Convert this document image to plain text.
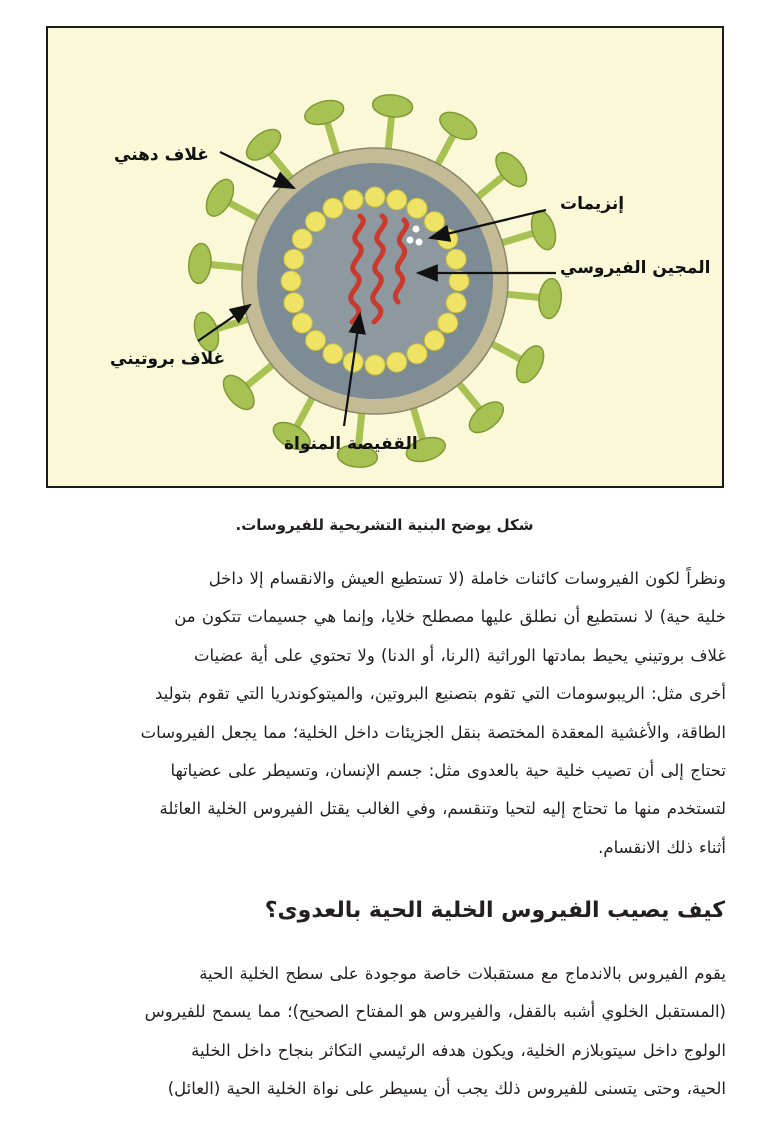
غلاف دهني
إنزيمات
المجين الفيروسي
غلاف بروتيني
القفيصة المنواة
شكل يوضح البنية التشريحية للفيروسات.

ونظراً لكون الفيروسات كائنات خاملة (لا تستطيع العيش والانقسام إلا داخل

خلية حية) لا نستطيع أن نطلق عليها مصطلح خلايا، وإنما هي جسيمات تتكون من

غلاف بروتيني يحيط بمادتها الوراثية (الرنا، أو الدنا) ولا تحتوي على أية عضيات

أخرى مثل: الريبوسومات التي تقوم بتصنيع البروتين، والميتوكوندريا التي تقوم بتوليد

الطاقة، والأغشية المعقدة المختصة بنقل الجزيئات داخل الخلية؛ مما يجعل الفيروسات

تحتاج إلى أن تصيب خلية حية بالعدوى مثل: جسم الإنسان، وتسيطر على عضياتها

لتستخدم منها ما تحتاج إليه لتحيا وتنقسم، وفي الغالب يقتل الفيروس الخلية العائلة

أثناء ذلك الانقسام.

كيف يصيب الفيروس الخلية الحية بالعدوى؟

يقوم الفيروس بالاندماج مع مستقبلات خاصة موجودة على سطح الخلية الحية

(المستقبل الخلوي أشبه بالقفل، والفيروس هو المفتاح الصحيح)؛ مما يسمح للفيروس

الولوج داخل سيتوبلازم الخلية، ويكون هدفه الرئيسي التكاثر بنجاح داخل الخلية

الحية، وحتى يتسنى للفيروس ذلك يجب أن يسيطر على نواة الخلية الحية (العائل)
